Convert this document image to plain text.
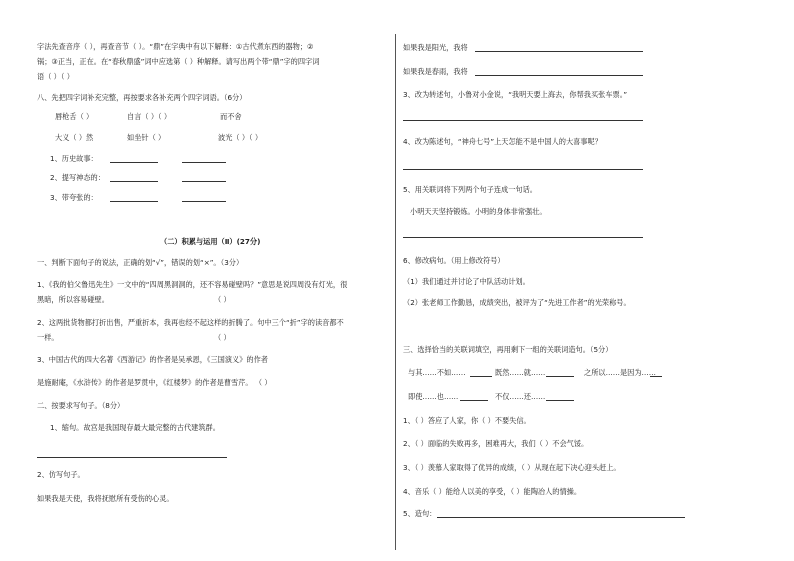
字法先查音序（ ），再查音节（ ）。“鼎”在字典中有以下解释：①古代煮东西的器物；②
锅；③正当，正在。在“春秋鼎盛”词中应选第（ ）种解释。请写出两个带“鼎”字的四字词
语（ ）（ ）
八、先把四字词补充完整，再按要求各补充两个四字词语。（6分）
唇枪舌（ ）	自言（ ）（ ）	而不舍
大义（ ）然	如坐针（ ）	波光（ ）（ ）
1、历史故事：
2、提写神态的：
3、带夸张的：
（二）积累与运用（Ⅱ）(27分)
一、判断下面句子的说法，正确的划“√”，错误的划“×”。（3分）
1、《我的伯父鲁迅先生》一文中的“四周黑洞洞的，还不容易碰壁吗？”意思是说四周没有灯光，很
黑暗，所以容易碰壁。	（ ）
2、这两批货物都打折出售，严重折本，我再也经不起这样的折腾了。句中三个“折”字的读音都不
一样。	（ ）
3、中国古代的四大名著《西游记》的作者是吴承恩，《三国演义》的作者
是施耐庵，《水浒传》的作者是罗贯中，《红楼梦》的作者是曹雪芹。 （ ）
二、按要求写句子。（8分）
1、缩句。故宫是我国现存最大最完整的古代建筑群。
2、仿写句子。
如果我是天使，我将抚慰所有受伤的心灵。
如果我是阳光，我将
如果我是春雨，我将
3、改为转述句，小鲁对小金说，“我明天要上海去，你帮我买张车票。”
4、改为陈述句，“神舟七号”上天怎能不是中国人的大喜事呢？
5、用关联词将下列两个句子连成一句话。
小明天天坚持锻炼。小明的身体非常强壮。
6、修改病句。（用上修改符号）
（1）我们通过并讨论了中队活动计划。
（2）张老师工作勤恳，成绩突出，被评为了“先进工作者”的光荣称号。
三、选择恰当的关联词填空，再用剩下一组的关联词造句。（5分）
与其……不如……	既然……就……	之所以……是因为……
即使……也……	不仅……还……
1、（ ）答应了人家，你（ ）不要失信。
2、（ ）面临的失败再多，困难再大，我们（ ）不会气馁。
3、（ ）羡慕人家取得了优异的成绩，（ ）从现在起下决心迎头赶上。
4、音乐（ ）能给人以美的享受，（ ）能陶冶人的情操。
5、造句：
